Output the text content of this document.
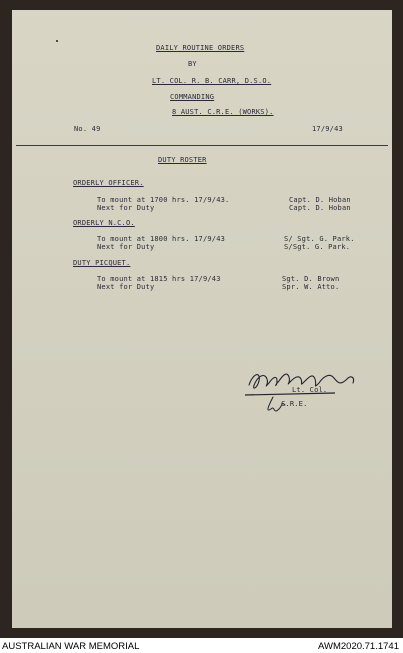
DAILY ROUTINE ORDERS
BY
LT. COL. R. B. CARR, D.S.O.
COMMANDING
8 AUST. C.R.E. (WORKS).
No. 49	17/9/43
DUTY ROSTER
ORDERLY OFFICER.
To mount at 1700 hrs. 17/9/43.	Capt. D. Hoban
Next for Duty	Capt. D. Hoban
ORDERLY N.C.O.
To mount at 1800 hrs. 17/9/43	S/ Sgt. G. Park.
Next for Duty	S/Sgt. G. Park.
DUTY PICQUET.
To mount at 1815 hrs 17/9/43	Sgt. D. Brown
Next for Duty	Spr. W. Atto.
Lt. Col.
C.R.E.
AUSTRALIAN WAR MEMORIAL	AWM2020.71.1741
